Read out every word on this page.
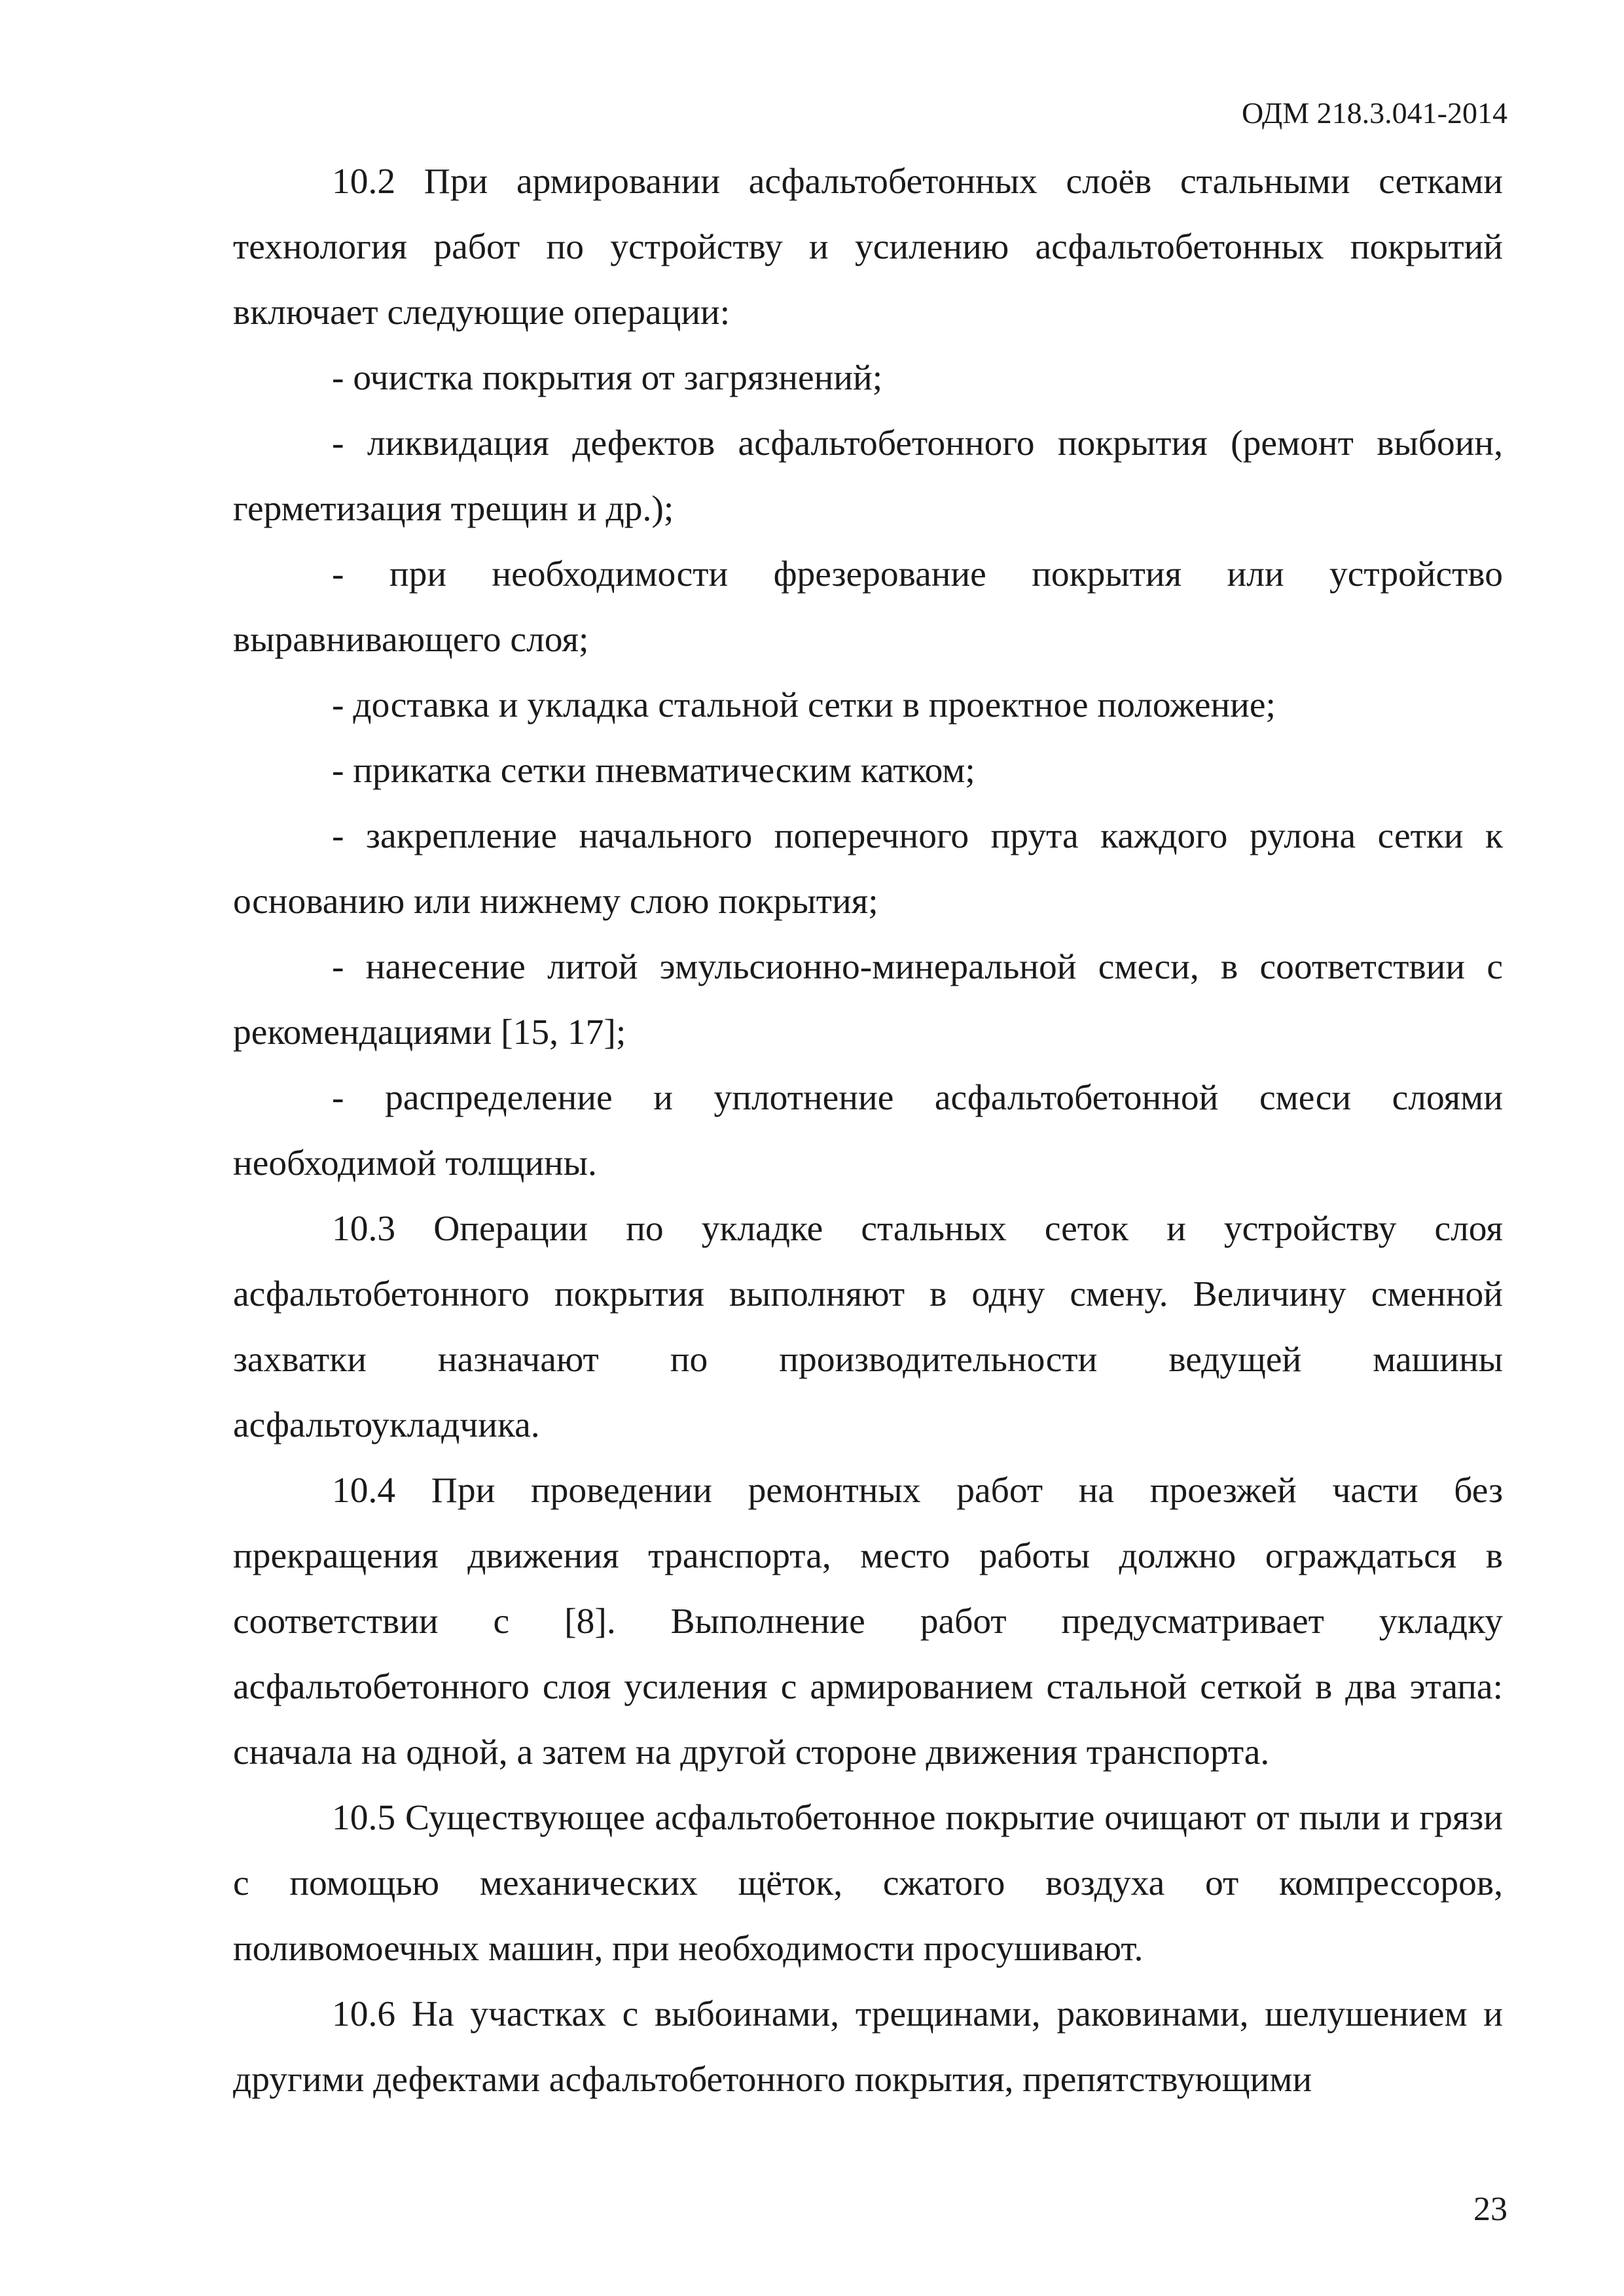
ОДМ 218.3.041-2014

10.2 При армировании асфальтобетонных слоёв стальными сетками технология работ по устройству и усилению асфальтобетонных покрытий включает следующие операции:

- очистка покрытия от загрязнений;

- ликвидация дефектов асфальтобетонного покрытия (ремонт выбоин, герметизация трещин и др.);

- при необходимости фрезерование покрытия или устройство выравнивающего слоя;

- доставка и укладка стальной сетки в проектное положение;

- прикатка сетки пневматическим катком;

- закрепление начального поперечного прута каждого рулона сетки к основанию или нижнему слою покрытия;

- нанесение литой эмульсионно-минеральной смеси, в соответствии с рекомендациями [15, 17];

- распределение и уплотнение асфальтобетонной смеси слоями необходимой толщины.

10.3 Операции по укладке стальных сеток и устройству слоя асфальтобетонного покрытия выполняют в одну смену. Величину сменной захватки назначают по производительности ведущей машины асфальтоукладчика.

10.4 При проведении ремонтных работ на проезжей части без прекращения движения транспорта, место работы должно ограждаться в соответствии с [8]. Выполнение работ предусматривает укладку асфальтобетонного слоя усиления с армированием стальной сеткой в два этапа: сначала на одной, а затем на другой стороне движения транспорта.

10.5 Существующее асфальтобетонное покрытие очищают от пыли и грязи с помощью механических щёток, сжатого воздуха от компрессоров, поливомоечных машин, при необходимости просушивают.

10.6 На участках с выбоинами, трещинами, раковинами, шелушением и другими дефектами асфальтобетонного покрытия, препятствующими

23
